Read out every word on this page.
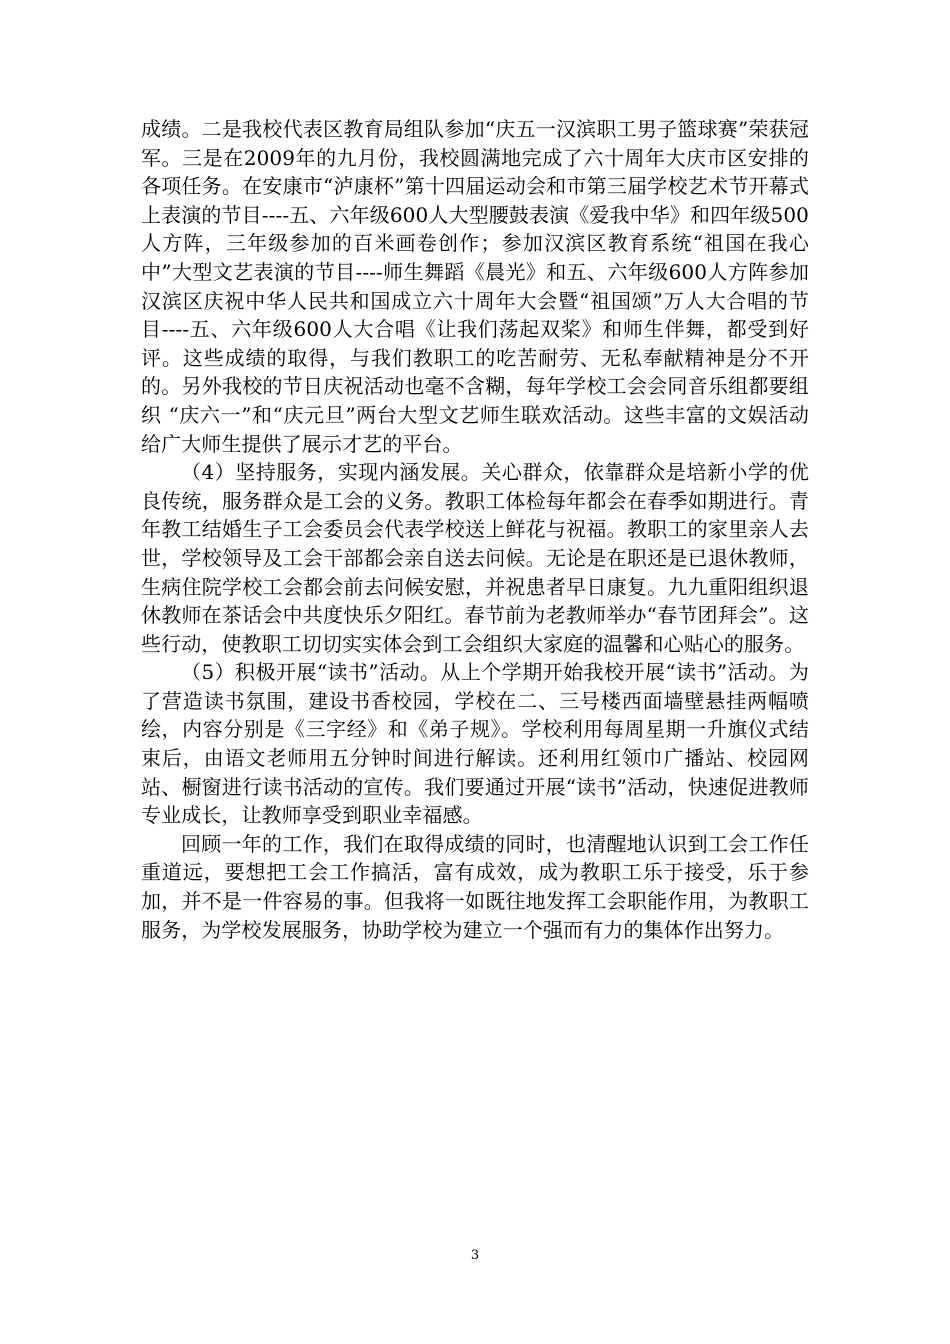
成绩。二是我校代表区教育局组队参加“庆五一汉滨职工男子篮球赛”荣获冠军。三是在2009年的九月份，我校圆满地完成了六十周年大庆市区安排的各项任务。在安康市“泸康杯”第十四届运动会和市第三届学校艺术节开幕式上表演的节目----五、六年级600人大型腰鼓表演《爱我中华》和四年级500人方阵，三年级参加的百米画卷创作；参加汉滨区教育系统“祖国在我心中”大型文艺表演的节目----师生舞蹈《晨光》和五、六年级600人方阵参加汉滨区庆祝中华人民共和国成立六十周年大会暨“祖国颂”万人大合唱的节目----五、六年级600人大合唱《让我们荡起双桨》和师生伴舞，都受到好评。这些成绩的取得，与我们教职工的吃苦耐劳、无私奉献精神是分不开的。另外我校的节日庆祝活动也毫不含糊，每年学校工会会同音乐组都要组织 “庆六一”和“庆元旦”两台大型文艺师生联欢活动。这些丰富的文娱活动给广大师生提供了展示才艺的平台。

（4）坚持服务，实现内涵发展。关心群众，依靠群众是培新小学的优良传统，服务群众是工会的义务。教职工体检每年都会在春季如期进行。青年教工结婚生子工会委员会代表学校送上鲜花与祝福。教职工的家里亲人去世，学校领导及工会干部都会亲自送去问候。无论是在职还是已退休教师，生病住院学校工会都会前去问候安慰，并祝患者早日康复。九九重阳组织退休教师在茶话会中共度快乐夕阳红。春节前为老教师举办“春节团拜会”。这些行动，使教职工切切实实体会到工会组织大家庭的温馨和心贴心的服务。

（5）积极开展“读书”活动。从上个学期开始我校开展“读书”活动。为了营造读书氛围，建设书香校园，学校在二、三号楼西面墙壁悬挂两幅喷绘，内容分别是《三字经》和《弟子规》。学校利用每周星期一升旗仪式结束后，由语文老师用五分钟时间进行解读。还利用红领巾广播站、校园网站、橱窗进行读书活动的宣传。我们要通过开展“读书”活动，快速促进教师专业成长，让教师享受到职业幸福感。

回顾一年的工作，我们在取得成绩的同时，也清醒地认识到工会工作任重道远，要想把工会工作搞活，富有成效，成为教职工乐于接受，乐于参加，并不是一件容易的事。但我将一如既往地发挥工会职能作用，为教职工服务，为学校发展服务，协助学校为建立一个强而有力的集体作出努力。

3
